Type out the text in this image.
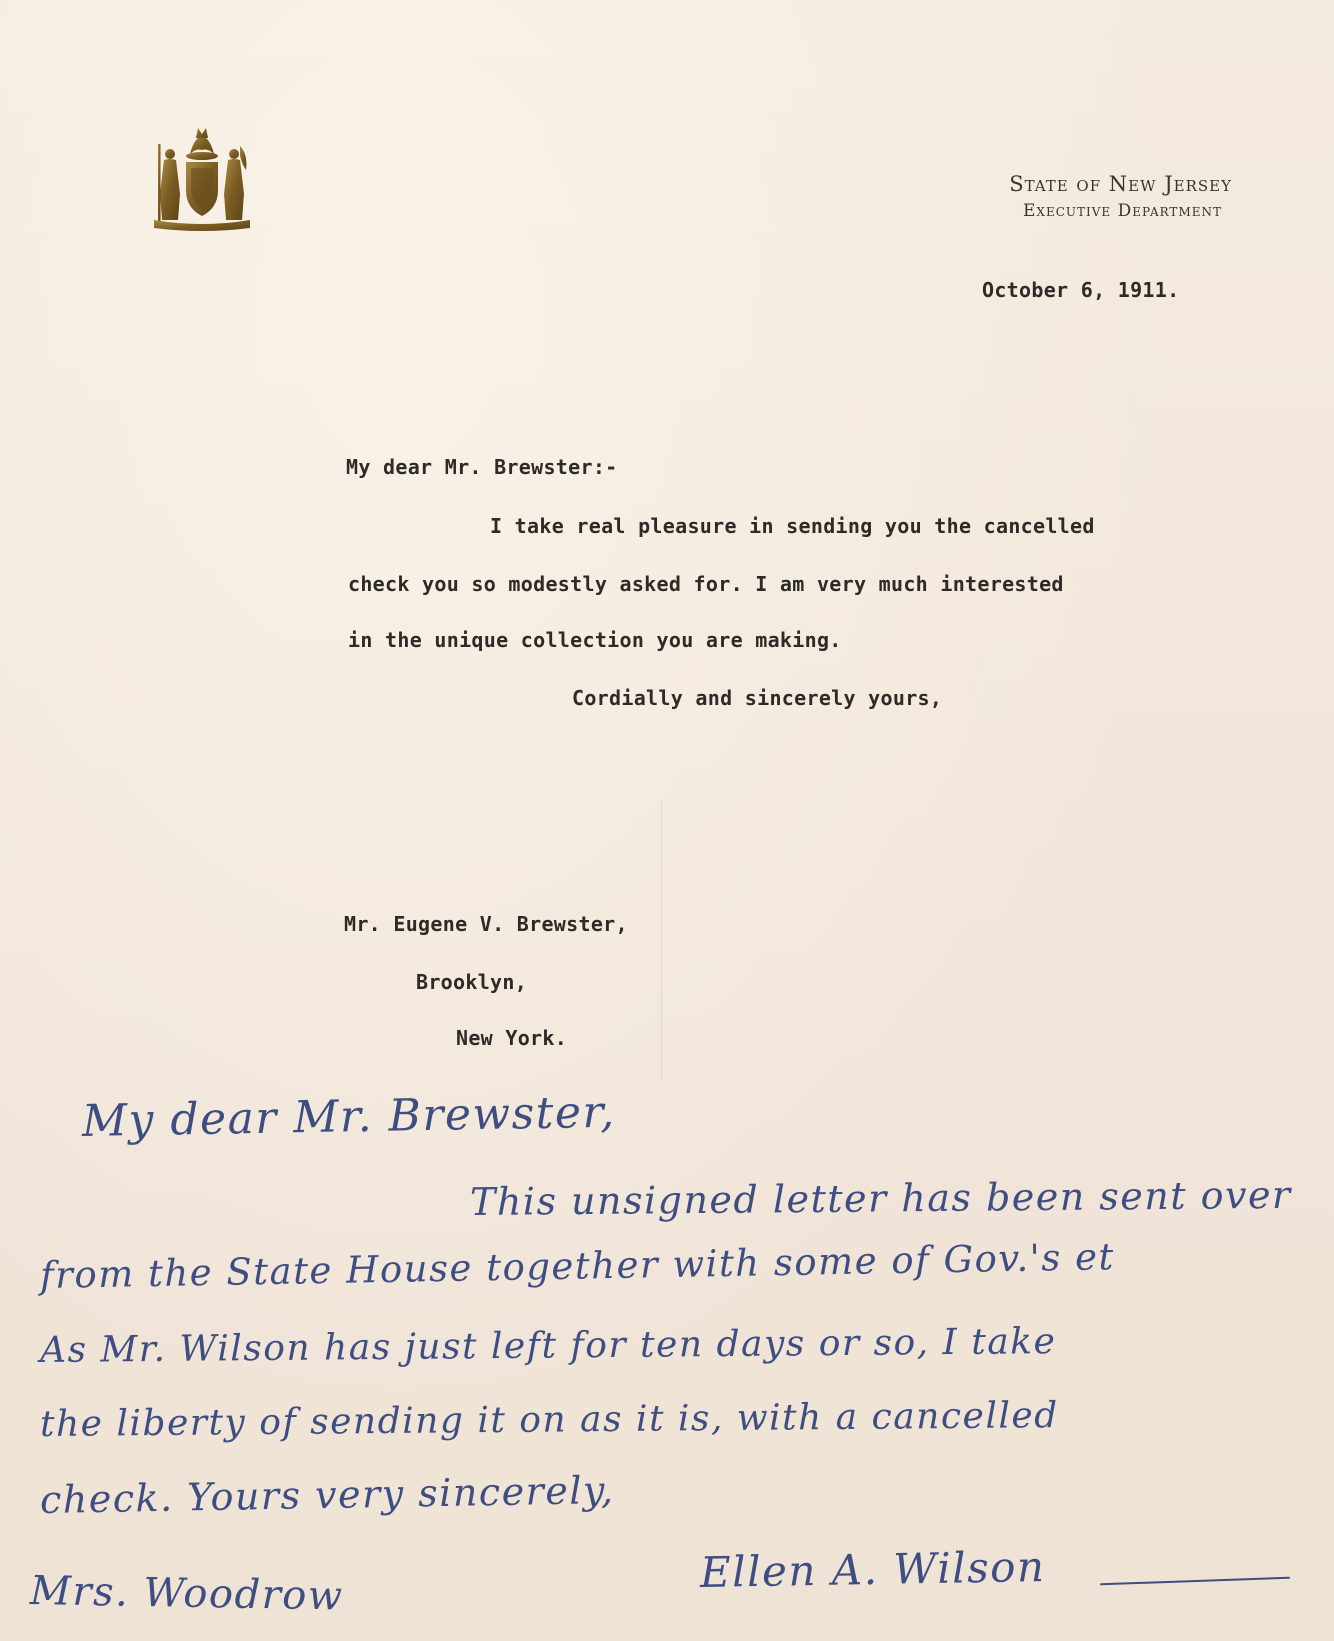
State of New Jersey
Executive Department
October 6, 1911.
My dear Mr. Brewster:-
I take real pleasure in sending you the cancelled
check you so modestly asked for. I am very much interested
in the unique collection you are making.
Cordially and sincerely yours,
Mr. Eugene V. Brewster,
Brooklyn,
New York.
My dear Mr. Brewster,
This unsigned letter has been sent over
from the State House together with some of Gov.'s et
As Mr. Wilson has just left for ten days or so, I take
the liberty of sending it on as it is, with a cancelled
check. Yours very sincerely,
Ellen A. Wilson
Mrs. Woodrow
